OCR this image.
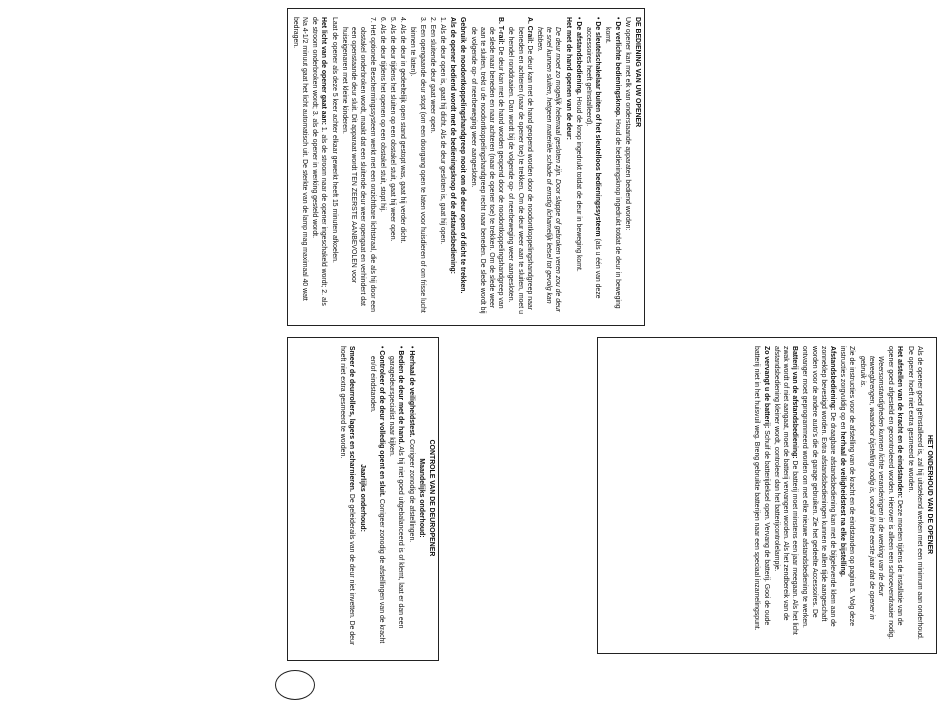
DE BEDIENING VAN UW OPENER

Uw opener kan met elk van onderstaande apparaten bediend worden:

• De verlichte bedieningsknop. Houd de bedieningsknop ingedrukt totdat de deur in beweging komt.

• De sleutelschakelaar buiten of het sleutelloos bedieningssysteem (als u één van deze accessoires heeft geïnstalleerd).

• De afstandsbediening. Houd de knop ingedrukt totdat de deur in beweging komt.

Het met de hand openen van de deur:

De deur moet zo mogelijk helemaal gesloten zijn. Door slappe of gebroken veren zou de deur te snel kunnen sluiten, hetgeen materiële schade of ernstig lichamelijk letsel tot gevolg kan hebben.

A. Crail: De deur kan met de hand geopend worden door de noodontkoppelingshandgreep naar beneden en achteren (naar de opener toe) te trekken. Om de deur weer aan te sluiten, moet u de hendel ronddraaien. Dan wordt bij de volgende op- of neerbeweging weer aangesloten.

B. T-rail: De deur kan met de hand worden geopend door de noodontkoppelingshandgreep van de slede naar beneden en naar achteren (naar de opener toe) te trekken. Om de slede weer aan te sluiten, trekt u de noodontkoppelingshandgreep recht naar beneden. De slede wordt bij de volgende op- of neerbeweging weer aangesloten.

Gebruik de noodontkoppelingshandgreep nooit om de deur open of dicht te trekken.

Als de opener bediend wordt met de bedieningsknop of de afstandsbediening:

1. Als de deur open is, gaat hij dicht. Als de deur gesloten is, gaat hij open.

2. Een sluitende deur gaat weer open.

3. Een opengaande deur stopt (om een doorgang open te laten voor huisdieren of om frisse lucht binnen te laten).

4. Als de deur in gedeeltelijk open stand gestopt was, gaat hij verder dicht.

5. Als de deur tijdens het sluiten op een obstakel stuit, gaat hij weer open.

6. Als de deur tijdens het openen op een obstakel stuit, stopt hij.

7. Het optionele Beschermingssysteem werkt met een onzichtbare lichtstraal, die als hij door een obstakel onderbroken wordt, maakt dat een sluitende deur weer opengaat en verhindert dat een openstaande deur sluit. Dit apparaat wordt TEN ZEERSTE AANBEVOLEN voor huiseigenaren met kleine kinderen.

Laat de opener als deze 5 keer achter elkaar gewerkt heeft 15 minuten afkoelen.

Het licht van de opener gaat aan: 1. als de stroom naar de opener ingeschakeld wordt; 2. als de stroom onderbroken wordt; 3. als de opener in werking gesteld wordt.

Na 4-1/2 minuut gaat het licht automatisch uit. De sterkte van de lamp mag maximaal 40 watt bedragen.

HET ONDERHOUD VAN DE OPENER

Als de opener goed geïnstalleerd is, zal hij uitstekend werken met een minimum aan onderhoud. De opener hoeft niet extra gesmeerd te worden.

Het afstellen van de kracht en de eindstanden: Deze moeten tijdens de installatie van de opener goed afgesteld en gecontroleerd worden. Hierover is alleen een schroevendraaier nodig.

Weersomstandigheden kunnen lichte veranderingen in de werking van de deur teweegbrengen, waardoor bijstelling nodig is, vooral in het eerste jaar dat de opener in gebruik is.

Zie de instructies voor de afstelling van de kracht en de eindstanden op pagina 5. Volg deze instructies zorgvuldig op en herhaal de veiligheidstest na elke bijstelling.

Afstandsbediening: De draagbare afstandsbediening kan met de bijgeleverde klem aan de zonneklep bevestigd worden. Extra afstandsbedieningen kunnen te allen tijde aangeschaft worden voor de andere auto's die de garage gebruiken. Zie het gedeelte Accessoires. De ontvanger moet geprogrammeerd worden om met elke nieuwe afstandsbediening te werken.

Batterij van de afstandsbediening: De batterij moet minstens een jaar meegaan. Als het licht zwak wordt of niet aangaat, moet de batterij vervangen worden. Als het zendbereik van de afstandsbediening kleiner wordt, controleer dan het batterijcontrolelampje.

Zo vervangt u de batterij: Schuif de batterijdeksel open. Vervang de batterij. Gooi de oude batterij niet in het huisvuil weg. Breng gebruikte batterijen naar een speciaal inzamelingspunt.

CONTROLE VAN DE DEUROPENER

Maandelijks onderhoud:

• Herhaal de veiligheidstest. Corrigeer zonodig de afstellingen.

• Bedien de deur met de hand. Als hij niet goed uitgebalanceerd is of klemt, laat er dan een garagedeurspecialist naar kijken.

• Controleer of de deur volledig opent en sluit. Corrigeer zonodig de afstellingen van de kracht en/of eindstanden.

Jaarlijks onderhoud:

Smeer de deurrollers, lagers en scharnieren. De geleiderails van de deur niet invetten. De deur hoeft niet extra gesmeerd te worden.
